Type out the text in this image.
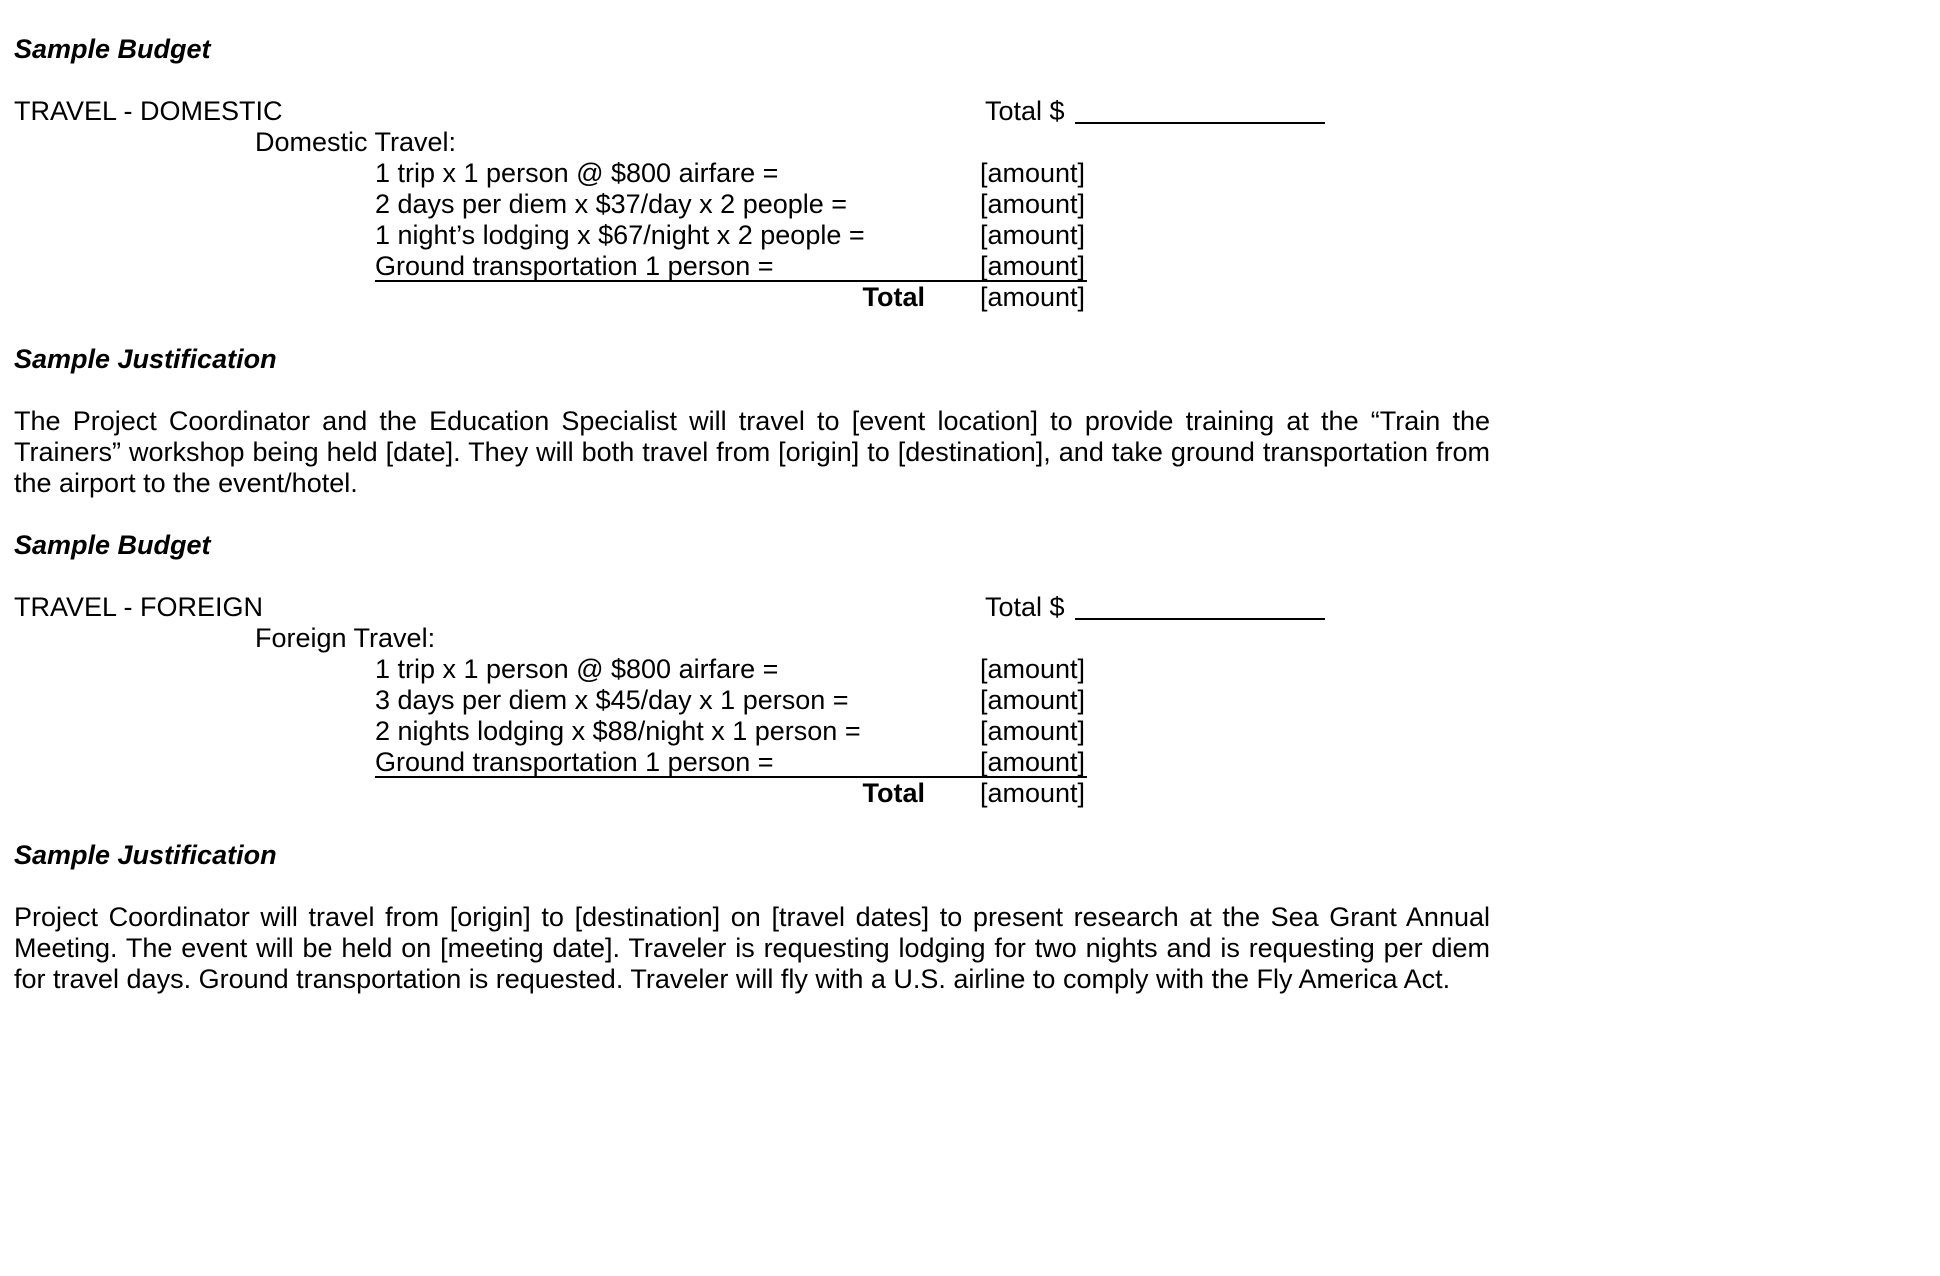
Sample Budget
TRAVEL - DOMESTIC	Total $
Domestic Travel:
1 trip x 1 person @ $800 airfare =	[amount]
2 days per diem x $37/day x 2 people =	[amount]
1 night’s lodging x $67/night x 2 people =	[amount]
Ground transportation 1 person =	[amount]
Total [amount]
Sample Justification

The Project Coordinator and the Education Specialist will travel to [event location] to provide training at the “Train the Trainers” workshop being held [date]. They will both travel from [origin] to [destination], and take ground transportation from the airport to the event/hotel.

Sample Budget
TRAVEL - FOREIGN	Total $
Foreign Travel:
1 trip x 1 person @ $800 airfare =	[amount]
3 days per diem x $45/day x 1 person =	[amount]
2 nights lodging x $88/night x 1 person =	[amount]
Ground transportation 1 person =	[amount]
Total [amount]
Sample Justification

Project Coordinator will travel from [origin] to [destination] on [travel dates] to present research at the Sea Grant Annual Meeting. The event will be held on [meeting date]. Traveler is requesting lodging for two nights and is requesting per diem for travel days. Ground transportation is requested. Traveler will fly with a U.S. airline to comply with the Fly America Act.
